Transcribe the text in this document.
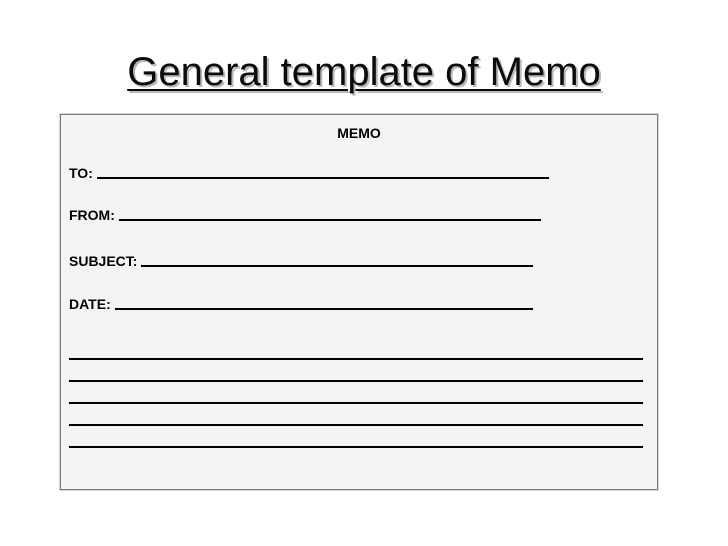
General template of Memo
MEMO
TO:
FROM:
SUBJECT:
DATE:
